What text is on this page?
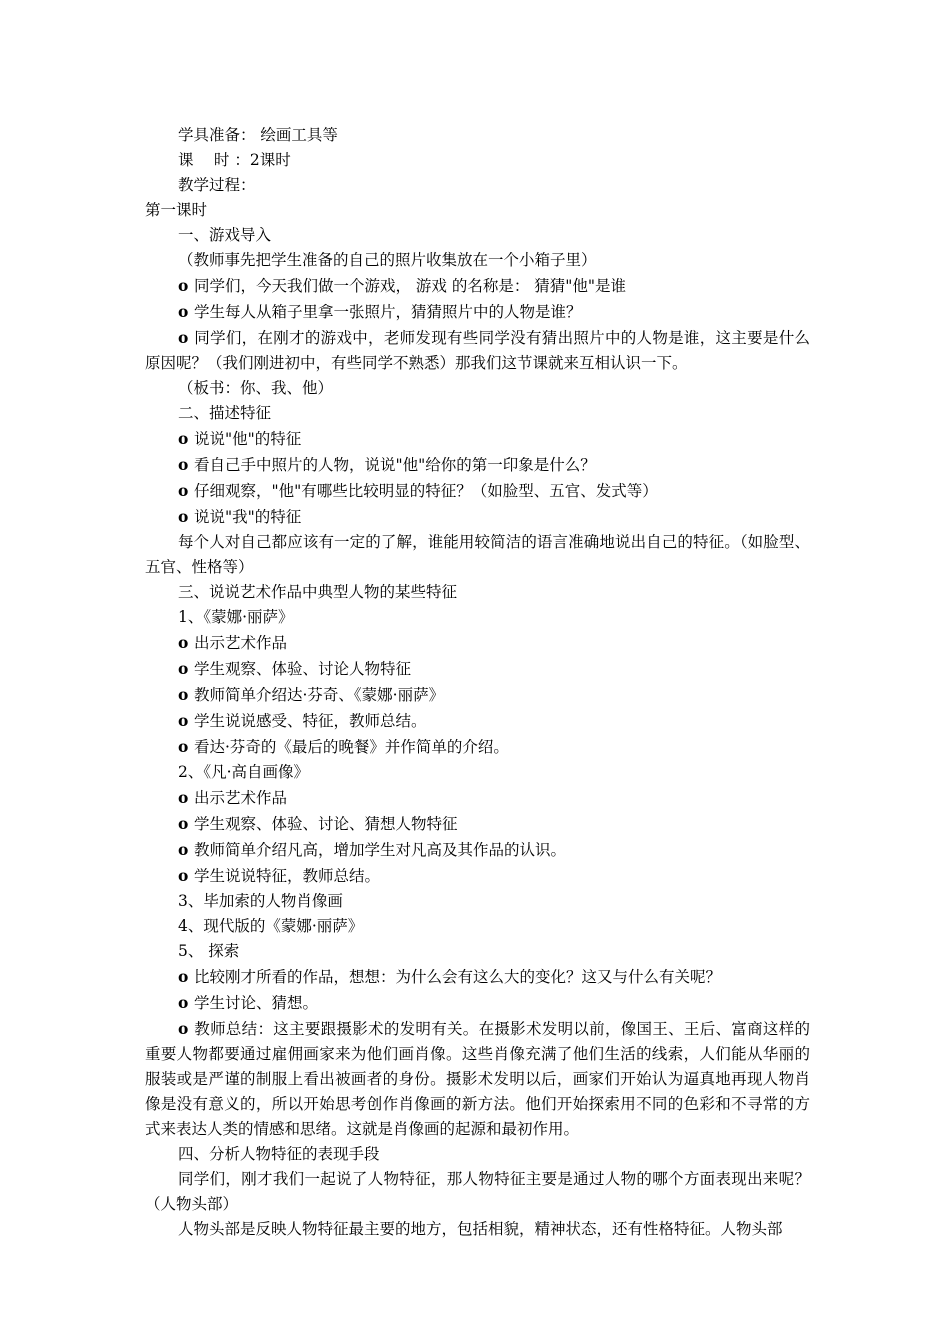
学具准备： 绘画工具等

课　 时 ：2课时

教学过程：

第一课时

一、游戏导入

（教师事先把学生准备的自己的照片收集放在一个小箱子里）

o 同学们，今天我们做一个游戏， 游戏 的名称是： 猜猜"他"是谁

o 学生每人从箱子里拿一张照片，猜猜照片中的人物是谁？

o 同学们，在刚才的游戏中，老师发现有些同学没有猜出照片中的人物是谁，这主要是什么原因呢？（我们刚进初中，有些同学不熟悉）那我们这节课就来互相认识一下。

（板书：你、我、他）

二、描述特征

o 说说"他"的特征

o 看自己手中照片的人物，说说"他"给你的第一印象是什么？

o 仔细观察，"他"有哪些比较明显的特征？（如脸型、五官、发式等）

o 说说"我"的特征

每个人对自己都应该有一定的了解，谁能用较简洁的语言准确地说出自己的特征。（如脸型、五官、性格等）

三、说说艺术作品中典型人物的某些特征

1、《蒙娜·丽萨》

o 出示艺术作品

o 学生观察、体验、讨论人物特征

o 教师简单介绍达·芬奇、《蒙娜·丽萨》

o 学生说说感受、特征，教师总结。

o 看达·芬奇的《最后的晚餐》并作简单的介绍。

2、《凡·高自画像》

o 出示艺术作品

o 学生观察、体验、讨论、猜想人物特征

o 教师简单介绍凡高，增加学生对凡高及其作品的认识。

o 学生说说特征，教师总结。

3、毕加索的人物肖像画

4、现代版的《蒙娜·丽萨》

5、 探索

o 比较刚才所看的作品，想想：为什么会有这么大的变化？这又与什么有关呢？

o 学生讨论、猜想。

o 教师总结：这主要跟摄影术的发明有关。在摄影术发明以前，像国王、王后、富商这样的重要人物都要通过雇佣画家来为他们画肖像。这些肖像充满了他们生活的线索，人们能从华丽的服装或是严谨的制服上看出被画者的身份。摄影术发明以后，画家们开始认为逼真地再现人物肖像是没有意义的，所以开始思考创作肖像画的新方法。他们开始探索用不同的色彩和不寻常的方式来表达人类的情感和思绪。这就是肖像画的起源和最初作用。

四、分析人物特征的表现手段

同学们，刚才我们一起说了人物特征，那人物特征主要是通过人物的哪个方面表现出来呢？（人物头部）

人物头部是反映人物特征最主要的地方，包括相貌，精神状态，还有性格特征。人物头部
